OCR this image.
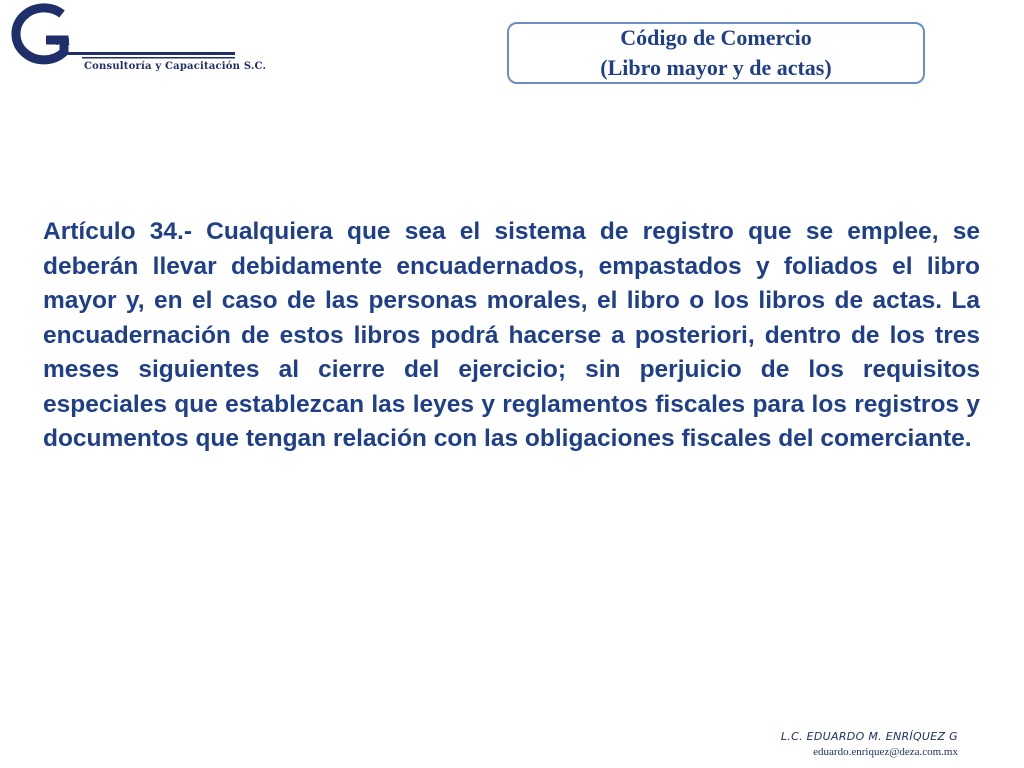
va
Consultoría y Capacitación S.C.
Código de Comercio
(Libro mayor y de actas)

Artículo 34.- Cualquiera que sea el sistema de registro que se emplee, se deberán llevar debidamente encuadernados, empastados y foliados el libro mayor y, en el caso de las personas morales, el libro o los libros de actas. La encuadernación de estos libros podrá hacerse a posteriori, dentro de los tres meses siguientes al cierre del ejercicio; sin perjuicio de los requisitos especiales que establezcan las leyes y reglamentos fiscales para los registros y documentos que tengan relación con las obligaciones fiscales del comerciante.

L.C. EDUARDO M. ENRÍQUEZ G
eduardo.enriquez@deza.com.mx
